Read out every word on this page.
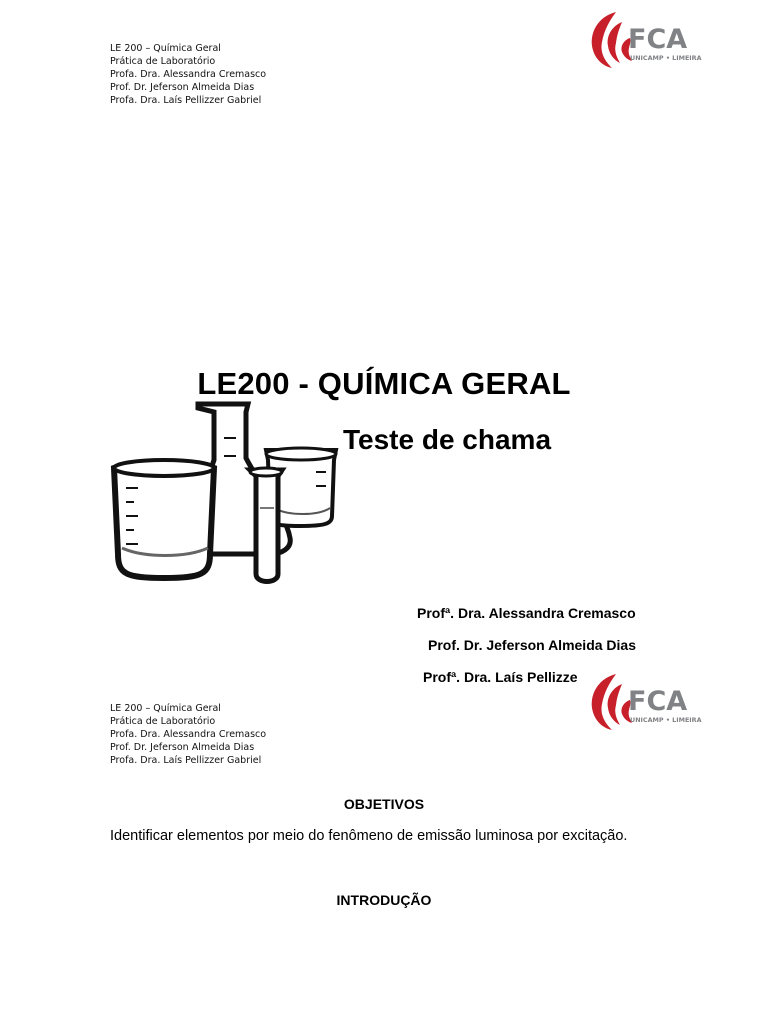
LE 200 – Química Geral
Prática de Laboratório
Profa. Dra. Alessandra Cremasco
Prof. Dr. Jeferson Almeida Dias
Profa. Dra. Laís Pellizzer Gabriel
FCA
UNICAMP • LIMEIRA
LE200 - QUÍMICA GERAL
Teste de chama
Profª. Dra. Alessandra Cremasco
Prof. Dr. Jeferson Almeida Dias
Profª. Dra. Laís Pellizze
LE 200 – Química Geral
Prática de Laboratório
Profa. Dra. Alessandra Cremasco
Prof. Dr. Jeferson Almeida Dias
Profa. Dra. Laís Pellizzer Gabriel
FCA
UNICAMP • LIMEIRA
OBJETIVOS
Identificar elementos por meio do fenômeno de emissão luminosa por excitação.
INTRODUÇÃO
